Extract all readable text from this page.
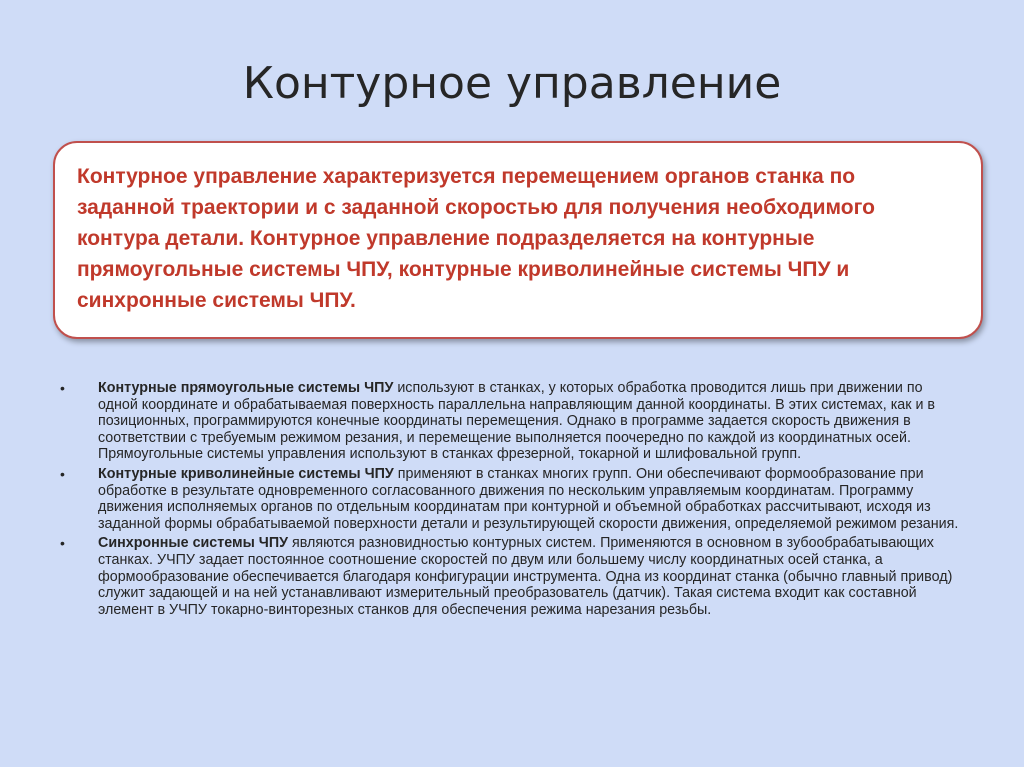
Контурное управление

Контурное управление характеризуется перемещением органов станка по заданной траектории и с заданной скоростью для получения необходимого контура детали. Контурное управление подразделяется на контурные прямоугольные системы ЧПУ, контурные криволинейные системы ЧПУ и синхронные системы ЧПУ.

• Контурные прямоугольные системы ЧПУ используют в станках, у которых обработка проводится лишь при движении по одной координате и обрабатываемая поверхность параллельна направляющим данной координаты. В этих системах, как и в позиционных, программируются конечные координаты перемещения. Однако в программе задается скорость движения в соответствии с требуемым режимом резания, и перемещение выполняется поочередно по каждой из координатных осей. Прямоугольные системы управления используют в станках фрезерной, токарной и шлифовальной групп.
• Контурные криволинейные системы ЧПУ применяют в станках многих групп. Они обеспечивают формообразование при обработке в результате одновременного согласованного движения по нескольким управляемым координатам. Программу движения исполняемых органов по отдельным координатам при контурной и объемной обработках рассчитывают, исходя из заданной формы обрабатываемой поверхности детали и результирующей скорости движения, определяемой режимом резания.
• Синхронные системы ЧПУ являются разновидностью контурных систем. Применяются в основном в зубообрабатывающих станках. УЧПУ задает постоянное соотношение скоростей по двум или большему числу координатных осей станка, а формообразование обеспечивается благодаря конфигурации инструмента. Одна из координат станка (обычно главный привод) служит задающей и на ней устанавливают измерительный преобразователь (датчик). Такая система входит как составной элемент в УЧПУ токарно-винторезных станков для обеспечения режима нарезания резьбы.
